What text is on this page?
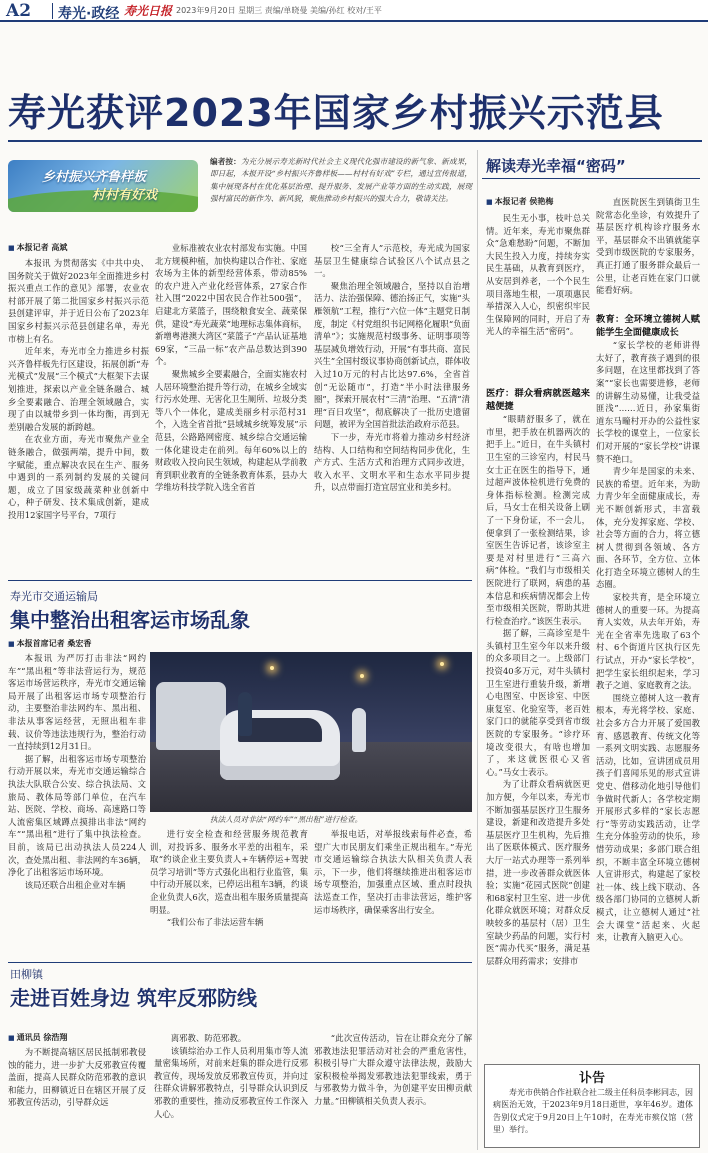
A2 寿光·政经 寿光日报 2023年9月20日 星期三 责编/单晓曼 美编/孙红 校对/王平
寿光获评2023年国家乡村振兴示范县
乡村振兴齐鲁样板
村村有好戏
编者按：为充分展示寿光新时代社会主义现代化强市建设的新气象、新成果，即日起，本报开设“乡村振兴齐鲁样板——村村有好戏”专栏，通过宣传报道，集中展现各村在优化基层治理、提升服务、发展产业等方面的生动实践，展现强村富民的新作为、新风貌，聚焦推动乡村振兴的强大合力，敬请关注。
■ 本报记者 高斌

本报讯 为贯彻落实《中共中央、国务院关于做好2023年全面推进乡村振兴重点工作的意见》部署，农业农村部开展了第二批国家乡村振兴示范县创建评审，并于近日公布了2023年国家乡村振兴示范县创建名单，寿光市榜上有名。

近年来，寿光市全力推进乡村振兴齐鲁样板先行区建设，拓展创新“寿光模式”发展“三个模式”大框架下去谋划推进，探索以产业全链条融合、城乡全要素融合、治理全领域融合，实现了由以城带乡到一体均衡，再到无差别融合发展的新跨越。

在农业方面，寿光市聚焦产业全链条融合，做强两端，提升中间，数字赋能，重点解决农民在生产、服务中遇到的一系列制约发展的关键问题，成立了国家级蔬菜种业创新中心，种子研发、技术集成创新，建成投用12家国字号平台，7项行

业标准被农业农村部发布实施。中国北方规模种植，加快构建以合作社、家庭农场为主体的新型经营体系，带动85%的农户进入产业化经营体系，27家合作社入围“2022中国农民合作社500强”，启建北方菜篮子，围绕粮食安全、蔬菜保供，建设“寿光蔬菜”地理标志集体商标，新增粤港澳大湾区“菜篮子”产品认证基地69家，“三品一标”农产品总数达到390个。

聚焦城乡全要素融合，全面实施农村人居环境整治提升等行动，在城乡全域实行污水处理、无害化卫生厕所、垃圾分类等八个一体化，建成美丽乡村示范村31个，入选全省首批“县域城乡统筹发展”示范县，公路路网密度、城乡综合交通运输一体化建设走在前列。每年60%以上的财政收入投向民生领域，构建起从学前教育到职业教育的全链条教育体系，县办大学维坊科技学院入选全省首

校“三全育人”示范校，寿光成为国家基层卫生健康综合试验区八个试点县之一。

聚焦治理全领域融合，坚持以自治增活力、法治强保障、德治扬正气，实施“头雁领航”工程，推行“六位一体”主题党日制度，制定《村党组织书记网格化履职“负面清单”》；实施规范村级事务、证明事项等基层减负增效行动，开展“有事共商、富民兴生”全国村级议事协商创新试点，群体收入过10万元的村占比达97.6%，全省首创“无讼随市”，打造“半小时法律服务圈”，探索开展农村“三清”治理、“五清”清理“百日攻坚”，彻底解决了一批历史遗留问题，被评为全国首批法治政府示范县。

下一步，寿光市将着力推动乡村经济结构、人口结构和空间结构同步优化，生产方式、生活方式和治理方式同步改进，收入水平、文明水平和生态水平同步提升，以点带面打造宜居宜业和美乡村。

解读寿光幸福“密码”
■ 本报记者 侯艳梅

民生无小事，枝叶总关情。近年来，寿光市聚焦群众“急难愁盼”问题，不断加大民生投入力度，持续夯实民生基础，从教育到医疗，从安居到养老，一个个民生项目落地生根，一项项惠民举措深入人心，织密织牢民生保障网的同时，开启了寿光人的幸福生活“密码”。

直医院医生到镇街卫生院常态化坐诊，有效提升了基层医疗机构诊疗服务水平，基层群众不出镇就能享受到市级医院的专家服务，真正打通了服务群众最后一公里，让老百姓在家门口就能看好病。

医疗：群众看病就医越来越便捷

“眼睛舒服多了，就在市里，把手放在机器两次的把手上。”近日，在牛头镇村卫生室的三诊室内，村民马女士正在医生的指导下，通过超声波体检机进行免费的身体指标检测。检测完成后，马女士在相关设备上刷了一下身份证，不一会儿，便拿到了一张检测结果，诊室医生告诉记者，该诊室主要是对村里进行“三高六病”体检。“我们与市级相关医院进行了联网，病患的基本信息和疾病情况都会上传至市级相关医院，帮助其进行检查治疗。”该医生表示。

据了解，三高诊室是牛头镇村卫生室今年以来升级的众多项目之一。上级部门投资40多万元，对牛头镇村卫生室进行重装升级，新增心电图室、中医诊室、中医康复室、化验室等，老百姓家门口的就能享受到省市级医院的专家服务。“诊疗环境改变很大，有啥也增加了，来这就医很心又省心。”马女士表示。

为了让群众看病就医更加方便，今年以来，寿光市不断加强基层医疗卫生服务建设，新建和改造提升多处基层医疗卫生机构，先后推出了医联体模式、医疗服务大厅一站式办理等一系列举措，进一步改善群众就医体验；实施“花园式医院”创建和68家村卫生室、进一步优化群众就医环境；对群众反映较多的基层村（居）卫生室缺少药品的问题，实行村医“需办代买”服务，满足基层群众用药需求；安排市

教育：全环境立德树人赋能学生全面健康成长

“家长学校的老师讲得太好了，教育孩子遇到的很多问题，在这里都找到了答案”“家长也需要进修，老师的讲解生动易懂，让我受益匪浅”……近日，孙家集街道东马疃村开办的公益性家长学校的课堂上，一位家长们对开展的“家长学校”讲课赞不绝口。

青少年是国家的未来、民族的希望。近年来，为助力青少年全面健康成长，寿光不断创新形式，丰富载体，充分发挥家庭、学校、社会等方面的合力，将立德树人贯彻到各领域、各方面、各环节，全方位、立体化打造全环境立德树人的生态圈。

家校共育，是全环境立德树人的重要一环。为提高育人实效，从去年开始，寿光在全省率先选取了63个村、6个街道片区执行区先行试点，开办“家长学校”，把学生家长组织起来，学习教子之道、家庭教育之法。

围绕立德树人这一教育根本，寿光将学校、家庭、社会多方合力开展了爱国教育、感恩教育、传统文化等一系列文明实践、志愿服务活动，比如，宣讲团成员用孩子们喜闻乐见的形式宣讲党史、借移动化地引导他们争做时代新人；各学校定期开展形式多样的“家长志愿行”等劳动实践活动，让学生充分体验劳动的快乐，珍惜劳动成果；多部门联合组织，不断丰富全环境立德树人宣讲形式，构建起了家校社一体、线上线下联动、各级各部门协同的立德树人新模式，让立德树人通过“社会大课堂”活起来、火起来，让教育入脑更入心。

寿光市交通运输局
集中整治出租客运市场乱象
■ 本报首席记者 桑宏香

本报讯 为严厉打击非法“网约车”“黑出租”等非法营运行为，规范客运市场营运秩序，寿光市交通运输局开展了出租客运市场专项整治行动，主要整治非法网约车、黑出租、非法从事客运经营，无照出租车非载、议价等违法违规行为，整治行动一直持续到12月31日。

据了解，出租客运市场专项整治行动开展以来，寿光市交通运输综合执法大队联合公安、综合执法局、文旅局、教体局等部门单位，在汽车站、医院、学校、商场、高速路口等人流密集区域蹲点摸排出非法“网约车”“黑出租”进行了集中执法检查。目前，该局已出动执法人员224人次，查处黑出租、非法网约车36辆，净化了出租客运市场环境。

该局还联合出租企业对车辆

执法人员对非法“网约车”“黑出租”进行检查。

进行安全检查和经营服务规范教育训，对投诉多、服务水平差的出租车，采取“约谈企业主要负责人+车辆停运+驾驶员学习培训”等方式强化出租行业监管，集中行动开展以来，已停运出租车3辆，约谈企业负责人6次，巡查出租车服务质量提高明显。

“我们公布了非法运营车辆

举报电话，对举报线索每件必查，希望广大市民朋友们乘坐正规出租车。”寿光市交通运输综合执法大队相关负责人表示，下一步，他们将继续推进出租客运市场专项整治，加强重点区域、重点时段执法巡查工作，坚决打击非法营运，维护客运市场秩序，确保乘客出行安全。

田柳镇
走进百姓身边 筑牢反邪防线
■ 通讯员 徐浩翔

为不断提高辖区居民抵制邪教侵蚀的能力，进一步扩大反邪教宣传覆盖面，提高人民群众防范邪教的意识和能力，田柳镇近日在辖区开展了反邪教宣传活动，引导群众远

离邪教、防范邪教。

该镇综治办工作人员利用集市等人流量密集场所，对前来赶集的群众进行反邪教宣传，现场发放反邪教宣传页，并向过往群众讲解邪教特点，引导群众认识到反邪教的重要性，推动反邪教宣传工作深入人心。

“此次宣传活动，旨在让群众充分了解邪教违法犯罪活动对社会的严重危害性，积极引导广大群众遵守法律法规，鼓励大家积极检举揭发邪教违法犯罪线索，勇于与邪教势力做斗争，为创建平安田柳贡献力量。”田柳镇相关负责人表示。

讣告
寿光市供销合作社联合社二级主任科员李彬同志，因病医治无效，于2023年9月18日逝世，享年46岁。遗体告别仪式定于9月20日上午10时，在寿光市殡仪馆（营里）举行。
